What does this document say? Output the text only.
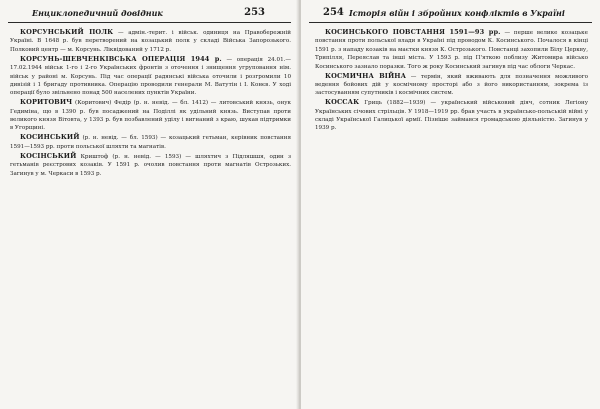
Енциклопедичний довідник	253

КОРСУНСЬКИЙ ПОЛК — адмін.-терит. і військ. одиниця на Правобережній Україні. В 1648 р. був перетворений на козацький полк у складі Війська Запорозького. Полковий центр — м. Корсунь. Ліквідований у 1712 р.

КОРСУНЬ-ШЕВЧЕНКІВСЬКА ОПЕРАЦІЯ 1944 р. — операція 24.01.—17.02.1944 військ 1-го і 2-го Українських фронтів з оточення і знищення угруповання нім. військ у районі м. Корсунь. Під час операції радянські війська оточили і розгромили 10 дивізій і 1 бригаду противника. Операцію проводили генерали М. Ватутін і І. Конєв. У ході операції було звільнено понад 500 населених пунктів України.

КОРИТОВИЧ (Коритович) Федір (р. н. невід. — бл. 1412) — литовський князь, онук Гедиміна, що в 1390 р. був посаджений на Поділлі як удільний князь. Виступав проти великого князя Вітовта, у 1393 р. був позбавлений уділу і вигнаний з краю, шукав підтримки в Угорщині.

КОСИНСЬКИЙ (р. н. невід. — бл. 1593) — козацький гетьман, керівник повстання 1591—1593 рр. проти польської шляхти та магнатів.

КОСІНСЬКИЙ Криштоф (р. н. невід. — 1593) — шляхтич з Підляшшя, один з гетьманів реєстрових козаків. У 1591 р. очолив повстання проти магнатів Острозьких. Загинув у м. Черкаси в 1593 р.

254 Історія війн і збройних конфліктів в Україні

КОСИНСЬКОГО ПОВСТАННЯ 1591—93 рр. — перше велике козацьке повстання проти польської влади в Україні під проводом К. Косинського. Почалося в кінці 1591 р. з нападу козаків на маєтки князя К. Острозького. Повстанці захопили Білу Церкву, Трипілля, Переяслав та інші міста. У 1593 р. під П'яткою поблизу Житомира військо Косинського зазнало поразки. Того ж року Косинський загинув під час облоги Черкас.

КОСМИЧНА ВІЙНА — термін, який вживають для позначення можливого ведення бойових дій у космічному просторі або з його використанням, зокрема із застосуванням супутників і космічних систем.

КОССАК Гриць (1882—1939) — український військовий діяч, сотник Легіону Українських січових стрільців. У 1918—1919 рр. брав участь в українсько-польській війні у складі Української Галицької армії. Пізніше займався громадською діяльністю. Загинув у 1939 р.
